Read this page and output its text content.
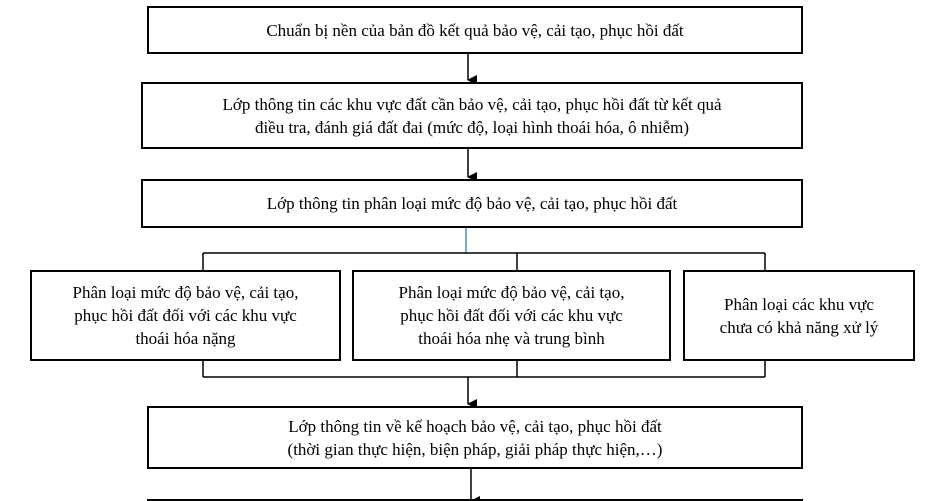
Chuẩn bị nền của bản đồ kết quả bảo vệ, cải tạo, phục hồi đất
Lớp thông tin các khu vực đất cần bảo vệ, cải tạo, phục hồi đất từ kết quả
điều tra, đánh giá đất đai (mức độ, loại hình thoái hóa, ô nhiễm)
Lớp thông tin phân loại mức độ bảo vệ, cải tạo, phục hồi đất
Phân loại mức độ bảo vệ, cải tạo,
phục hồi đất đối với các khu vực
thoái hóa nặng
Phân loại mức độ bảo vệ, cải tạo,
phục hồi đất đối với các khu vực
thoái hóa nhẹ và trung bình
Phân loại các khu vực
chưa có khả năng xử lý
Lớp thông tin về kế hoạch bảo vệ, cải tạo, phục hồi đất
(thời gian thực hiện, biện pháp, giải pháp thực hiện,…)
